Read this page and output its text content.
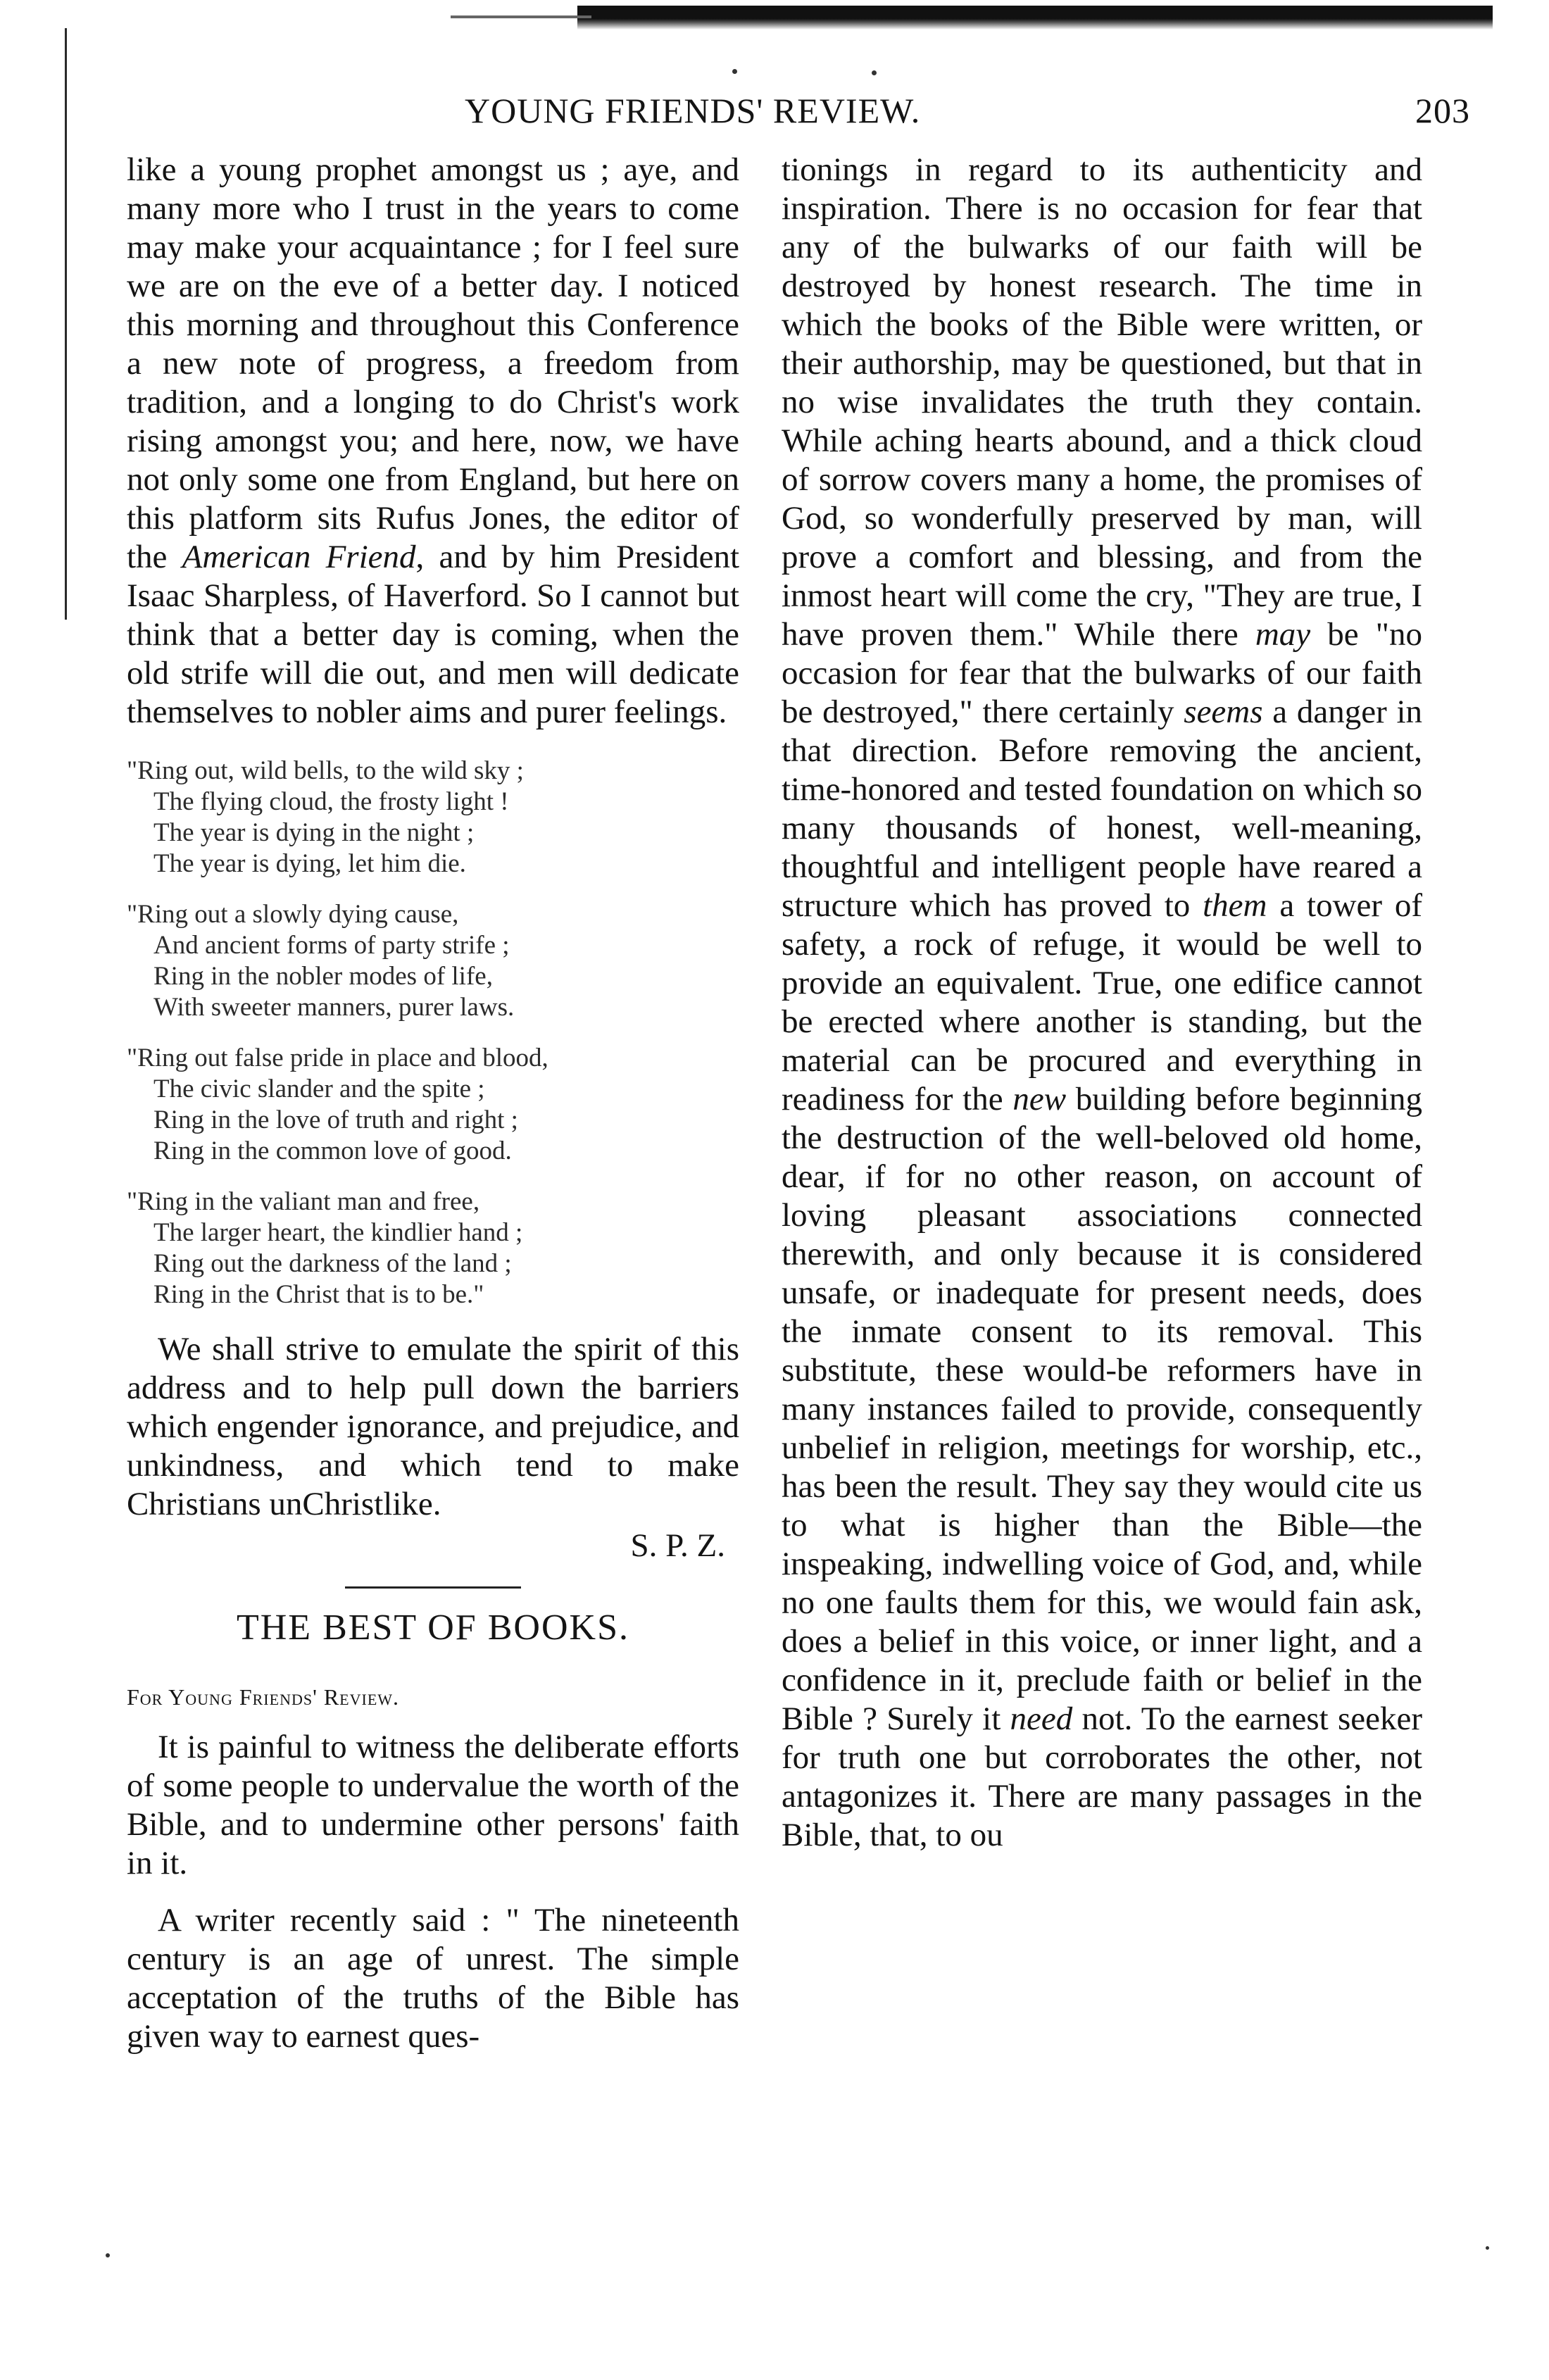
YOUNG FRIENDS' REVIEW.	203

like a young prophet amongst us ; aye, and many more who I trust in the years to come may make your acquaintance ; for I feel sure we are on the eve of a better day. I noticed this morning and throughout this Conference a new note of progress, a freedom from tradition, and a longing to do Christ's work rising amongst you; and here, now, we have not only some one from England, but here on this platform sits Rufus Jones, the editor of the American Friend, and by him President Isaac Sharpless, of Haverford. So I cannot but think that a better day is coming, when the old strife will die out, and men will dedicate themselves to nobler aims and purer feelings.

"Ring out, wild bells, to the wild sky ;
The flying cloud, the frosty light !
The year is dying in the night ;
The year is dying, let him die.
"Ring out a slowly dying cause,
And ancient forms of party strife ;
Ring in the nobler modes of life,
With sweeter manners, purer laws.
"Ring out false pride in place and blood,
The civic slander and the spite ;
Ring in the love of truth and right ;
Ring in the common love of good.
"Ring in the valiant man and free,
The larger heart, the kindlier hand ;
Ring out the darkness of the land ;
Ring in the Christ that is to be."

We shall strive to emulate the spirit of this address and to help pull down the barriers which engender ignorance, and prejudice, and unkindness, and which tend to make Christians unChristlike.

S. P. Z.
THE BEST OF BOOKS.
For Young Friends' Review.

It is painful to witness the deliberate efforts of some people to undervalue the worth of the Bible, and to undermine other persons' faith in it.

A writer recently said : " The nineteenth century is an age of unrest. The simple acceptation of the truths of the Bible has given way to earnest ques-

tionings in regard to its authenticity and inspiration. There is no occasion for fear that any of the bulwarks of our faith will be destroyed by honest research. The time in which the books of the Bible were written, or their authorship, may be questioned, but that in no wise invalidates the truth they contain. While aching hearts abound, and a thick cloud of sorrow covers many a home, the promises of God, so wonderfully preserved by man, will prove a comfort and blessing, and from the inmost heart will come the cry, "They are true, I have proven them." While there may be "no occasion for fear that the bulwarks of our faith be destroyed," there certainly seems a danger in that direction. Before removing the ancient, time-honored and tested foundation on which so many thousands of honest, well-meaning, thoughtful and intelligent people have reared a structure which has proved to them a tower of safety, a rock of refuge, it would be well to provide an equivalent. True, one edifice cannot be erected where another is standing, but the material can be procured and everything in readiness for the new building before beginning the destruction of the well-beloved old home, dear, if for no other reason, on account of loving pleasant associations connected therewith, and only because it is considered unsafe, or inadequate for present needs, does the inmate consent to its removal. This substitute, these would-be reformers have in many instances failed to provide, consequently unbelief in religion, meetings for worship, etc., has been the result. They say they would cite us to what is higher than the Bible—the inspeaking, indwelling voice of God, and, while no one faults them for this, we would fain ask, does a belief in this voice, or inner light, and a confidence in it, preclude faith or belief in the Bible ? Surely it need not. To the earnest seeker for truth one but corroborates the other, not antagonizes it. There are many passages in the Bible, that, to ou
